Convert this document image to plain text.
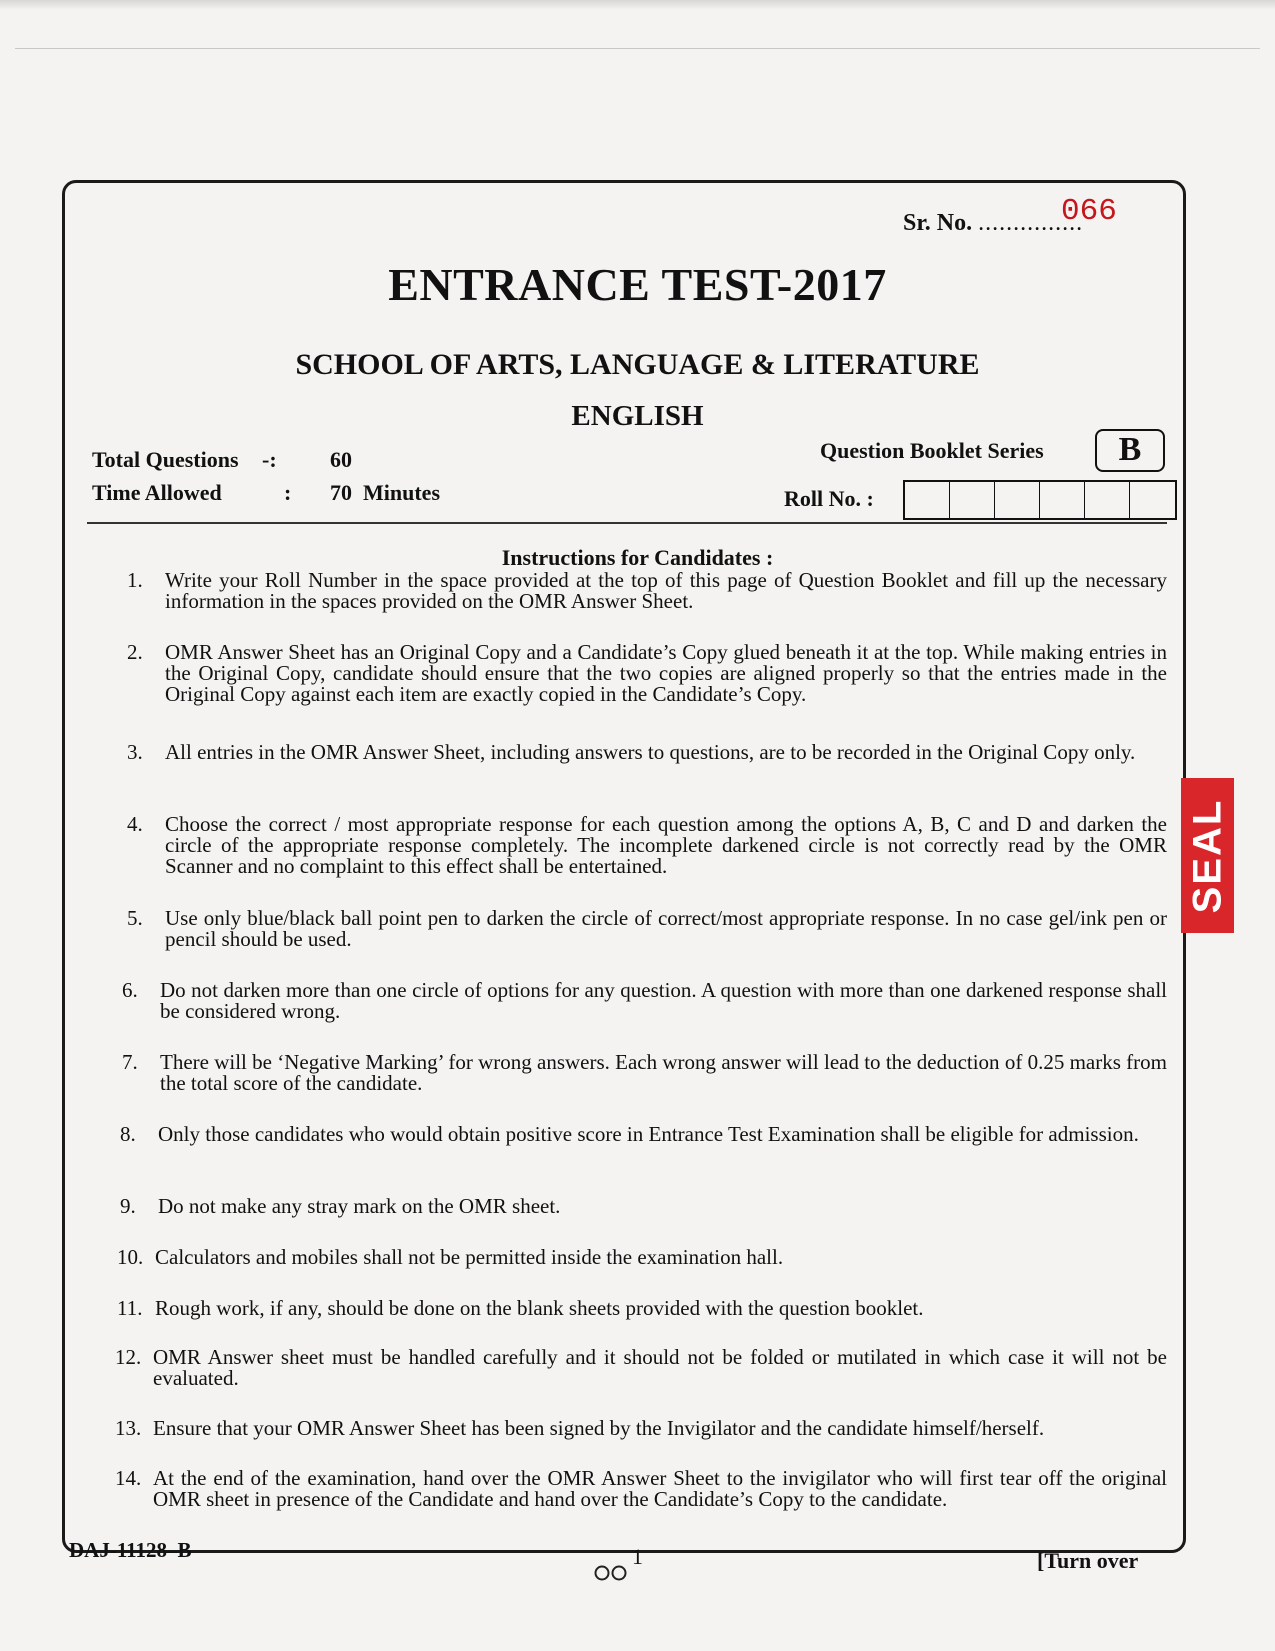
Sr. No. ...............
066
ENTRANCE TEST-2017
SCHOOL OF ARTS, LANGUAGE & LITERATURE
ENGLISH
Total Questions -: 60
Time Allowed	: 70  Minutes
Question Booklet Series	B
Roll No. :
Instructions for Candidates :
1. Write your Roll Number in the space provided at the top of this page of Question Booklet and fill up the necessary information in the spaces provided on the OMR Answer Sheet.
2. OMR Answer Sheet has an Original Copy and a Candidate’s Copy glued beneath it at the top. While making entries in the Original Copy, candidate should ensure that the two copies are aligned properly so that the entries made in the Original Copy against each item are exactly copied in the Candidate’s Copy.
3. All entries in the OMR Answer Sheet, including answers to questions, are to be recorded in the Original Copy only.
4. Choose the correct / most appropriate response for each question among the options A, B, C and D and darken the circle of the appropriate response completely. The incomplete darkened circle is not correctly read by the OMR Scanner and no complaint to this effect shall be entertained.
5. Use only blue/black ball point pen to darken the circle of correct/most appropriate response. In no case gel/ink pen or pencil should be used.
6. Do not darken more than one circle of options for any question. A question with more than one darkened response shall be considered wrong.
7. There will be ‘Negative Marking’ for wrong answers. Each wrong answer will lead to the deduction of 0.25 marks from the total score of the candidate.
8. Only those candidates who would obtain positive score in Entrance Test Examination shall be eligible for admission.
9. Do not make any stray mark on the OMR sheet.
10. Calculators and mobiles shall not be permitted inside the examination hall.
11. Rough work, if any, should be done on the blank sheets provided with the question booklet.
12. OMR Answer sheet must be handled carefully and it should not be folded or mutilated in which case it will not be evaluated.
13. Ensure that your OMR Answer Sheet has been signed by the Invigilator and the candidate himself/herself.
14. At the end of the examination, hand over the OMR Answer Sheet to the invigilator who will first tear off the original OMR sheet in presence of the Candidate and hand over the Candidate’s Copy to the candidate.
SEAL
DAJ-11128–B	1	[Turn over
